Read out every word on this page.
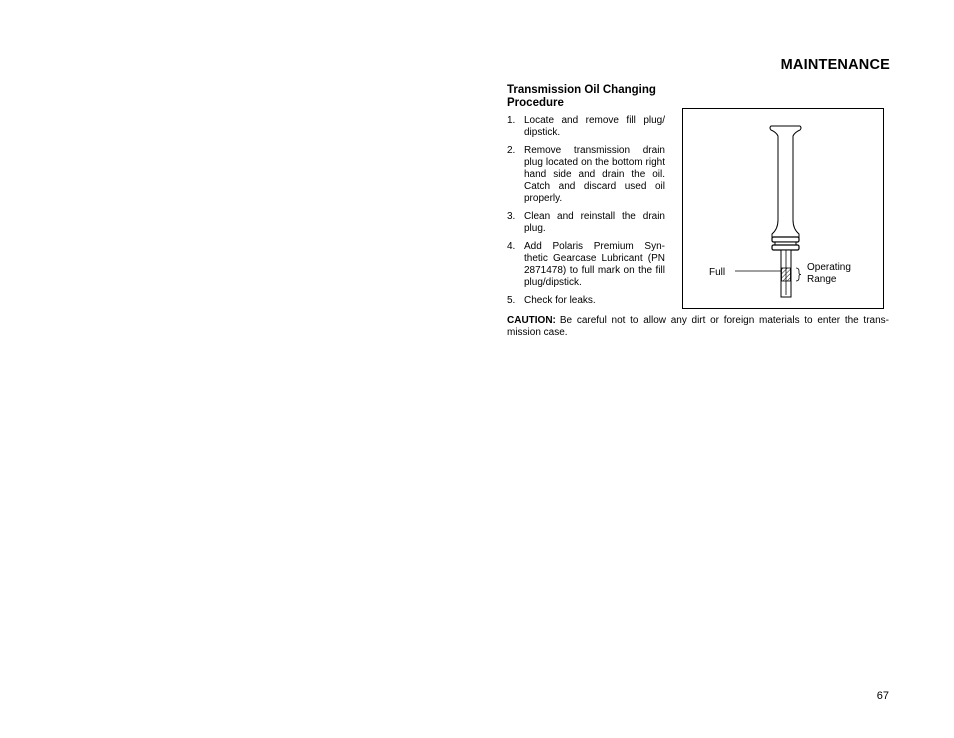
MAINTENANCE
Transmission Oil Changing Procedure
1. Locate and remove fill plug/ dipstick.
2. Remove transmission drain plug located on the bottom right hand side and drain the oil. Catch and discard used oil properly.
3. Clean and reinstall the drain plug.
4. Add Polaris Premium Syn- thetic Gearcase Lubricant (PN 2871478) to full mark on the fill plug/dipstick.
5. Check for leaks.
CAUTION: Be careful not to allow any dirt or foreign materials to enter the trans- mission case.
Full	Operating
Range
67
